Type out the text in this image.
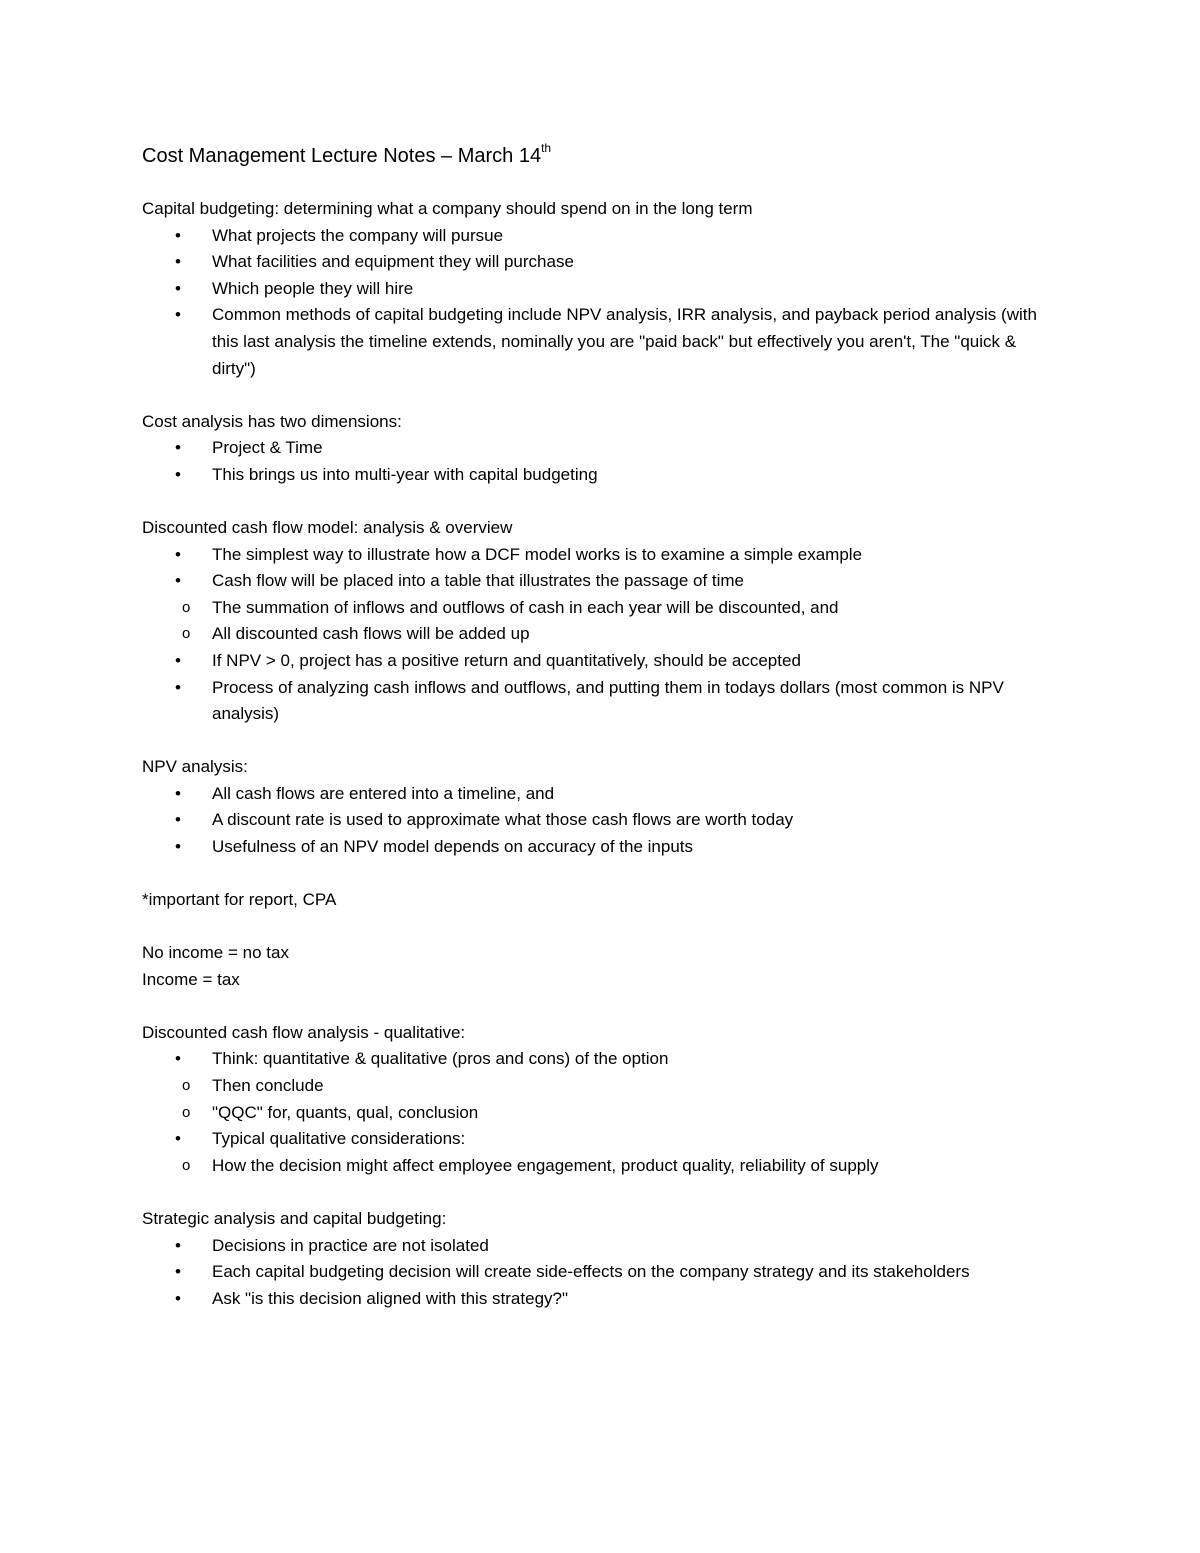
Cost Management Lecture Notes – March 14th

Capital budgeting: determining what a company should spend on in the long term

• What projects the company will pursue
• What facilities and equipment they will purchase
• Which people they will hire
• Common methods of capital budgeting include NPV analysis, IRR analysis, and payback period analysis (with this last analysis the timeline extends, nominally you are "paid back" but effectively you aren't, The "quick & dirty")

Cost analysis has two dimensions:

• Project & Time
• This brings us into multi-year with capital budgeting

Discounted cash flow model: analysis & overview

• The simplest way to illustrate how a DCF model works is to examine a simple example
• Cash flow will be placed into a table that illustrates the passage of time
o The summation of inflows and outflows of cash in each year will be discounted, and
o All discounted cash flows will be added up
• If NPV > 0, project has a positive return and quantitatively, should be accepted
• Process of analyzing cash inflows and outflows, and putting them in todays dollars (most common is NPV analysis)

NPV analysis:

• All cash flows are entered into a timeline, and
• A discount rate is used to approximate what those cash flows are worth today
• Usefulness of an NPV model depends on accuracy of the inputs

*important for report, CPA

No income = no tax

Income = tax

Discounted cash flow analysis - qualitative:

• Think: quantitative & qualitative (pros and cons) of the option
o Then conclude
o "QQC" for, quants, qual, conclusion
• Typical qualitative considerations:
o How the decision might affect employee engagement, product quality, reliability of supply

Strategic analysis and capital budgeting:

• Decisions in practice are not isolated
• Each capital budgeting decision will create side-effects on the company strategy and its stakeholders
• Ask "is this decision aligned with this strategy?"
